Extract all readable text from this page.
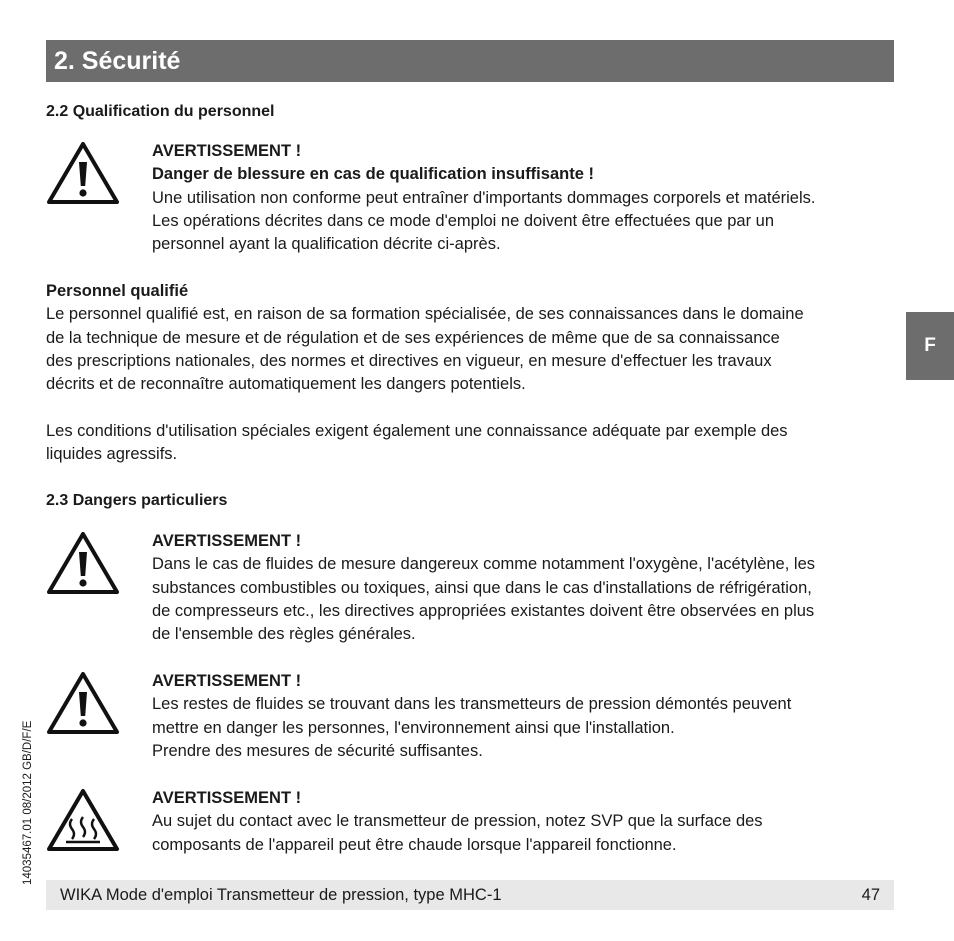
2. Sécurité
F
2.2 Qualification du personnel
AVERTISSEMENT !
Danger de blessure en cas de qualification insuffisante !
Une utilisation non conforme peut entraîner d'importants dommages corporels et matériels.
Les opérations décrites dans ce mode d'emploi ne doivent être effectuées que par un
personnel ayant la qualification décrite ci-après.
Personnel qualifié
Le personnel qualifié est, en raison de sa formation spécialisée, de ses connaissances dans le domaine
de la technique de mesure et de régulation et de ses expériences de même que de sa connaissance
des prescriptions nationales, des normes et directives en vigueur, en mesure d'effectuer les travaux
décrits et de reconnaître automatiquement les dangers potentiels.
Les conditions d'utilisation spéciales exigent également une connaissance adéquate par exemple des
liquides agressifs.
2.3 Dangers particuliers
AVERTISSEMENT !
Dans le cas de fluides de mesure dangereux comme notamment l'oxygène, l'acétylène, les
substances combustibles ou toxiques, ainsi que dans le cas d'installations de réfrigération,
de compresseurs etc., les directives appropriées existantes doivent être observées en plus
de l'ensemble des règles générales.
AVERTISSEMENT !
Les restes de fluides se trouvant dans les transmetteurs de pression démontés peuvent
mettre en danger les personnes, l'environnement ainsi que l'installation.
Prendre des mesures de sécurité suffisantes.
AVERTISSEMENT !
Au sujet du contact avec le transmetteur de pression, notez SVP que la surface des
composants de l'appareil peut être chaude lorsque l'appareil fonctionne.
14035467.01 08/2012 GB/D/F/E
WIKA Mode d'emploi Transmetteur de pression, type MHC-1	47
